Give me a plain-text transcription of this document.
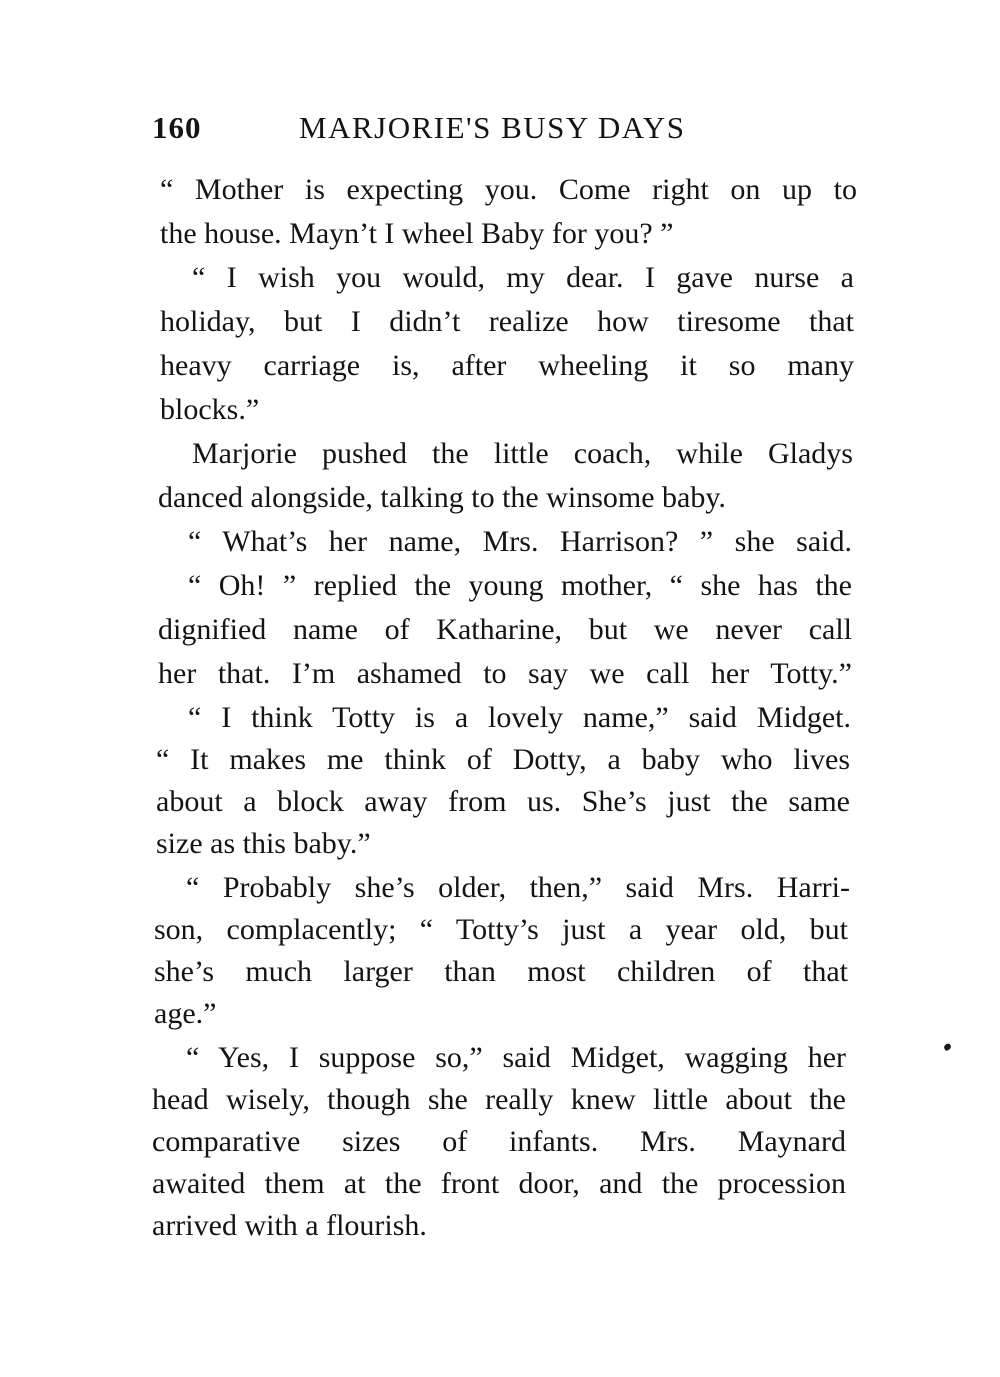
160	MARJORIE'S BUSY DAYS
“ Mother is expecting you. Come right on up to
the house. Mayn’t I wheel Baby for you? ”
“ I wish you would, my dear. I gave nurse a
holiday, but I didn’t realize how tiresome that
heavy carriage is, after wheeling it so many
blocks.”
Marjorie pushed the little coach, while Gladys
danced alongside, talking to the winsome baby.
“ What’s her name, Mrs. Harrison? ” she said.
“ Oh! ” replied the young mother, “ she has the
dignified name of Katharine, but we never call
her that. I’m ashamed to say we call her Totty.”
“ I think Totty is a lovely name,” said Midget.
“ It makes me think of Dotty, a baby who lives
about a block away from us. She’s just the same
size as this baby.”
“ Probably she’s older, then,” said Mrs. Harri-
son, complacently; “ Totty’s just a year old, but
she’s much larger than most children of that
age.”
“ Yes, I suppose so,” said Midget, wagging her
head wisely, though she really knew little about the
comparative sizes of infants. Mrs. Maynard
awaited them at the front door, and the procession
arrived with a flourish.
